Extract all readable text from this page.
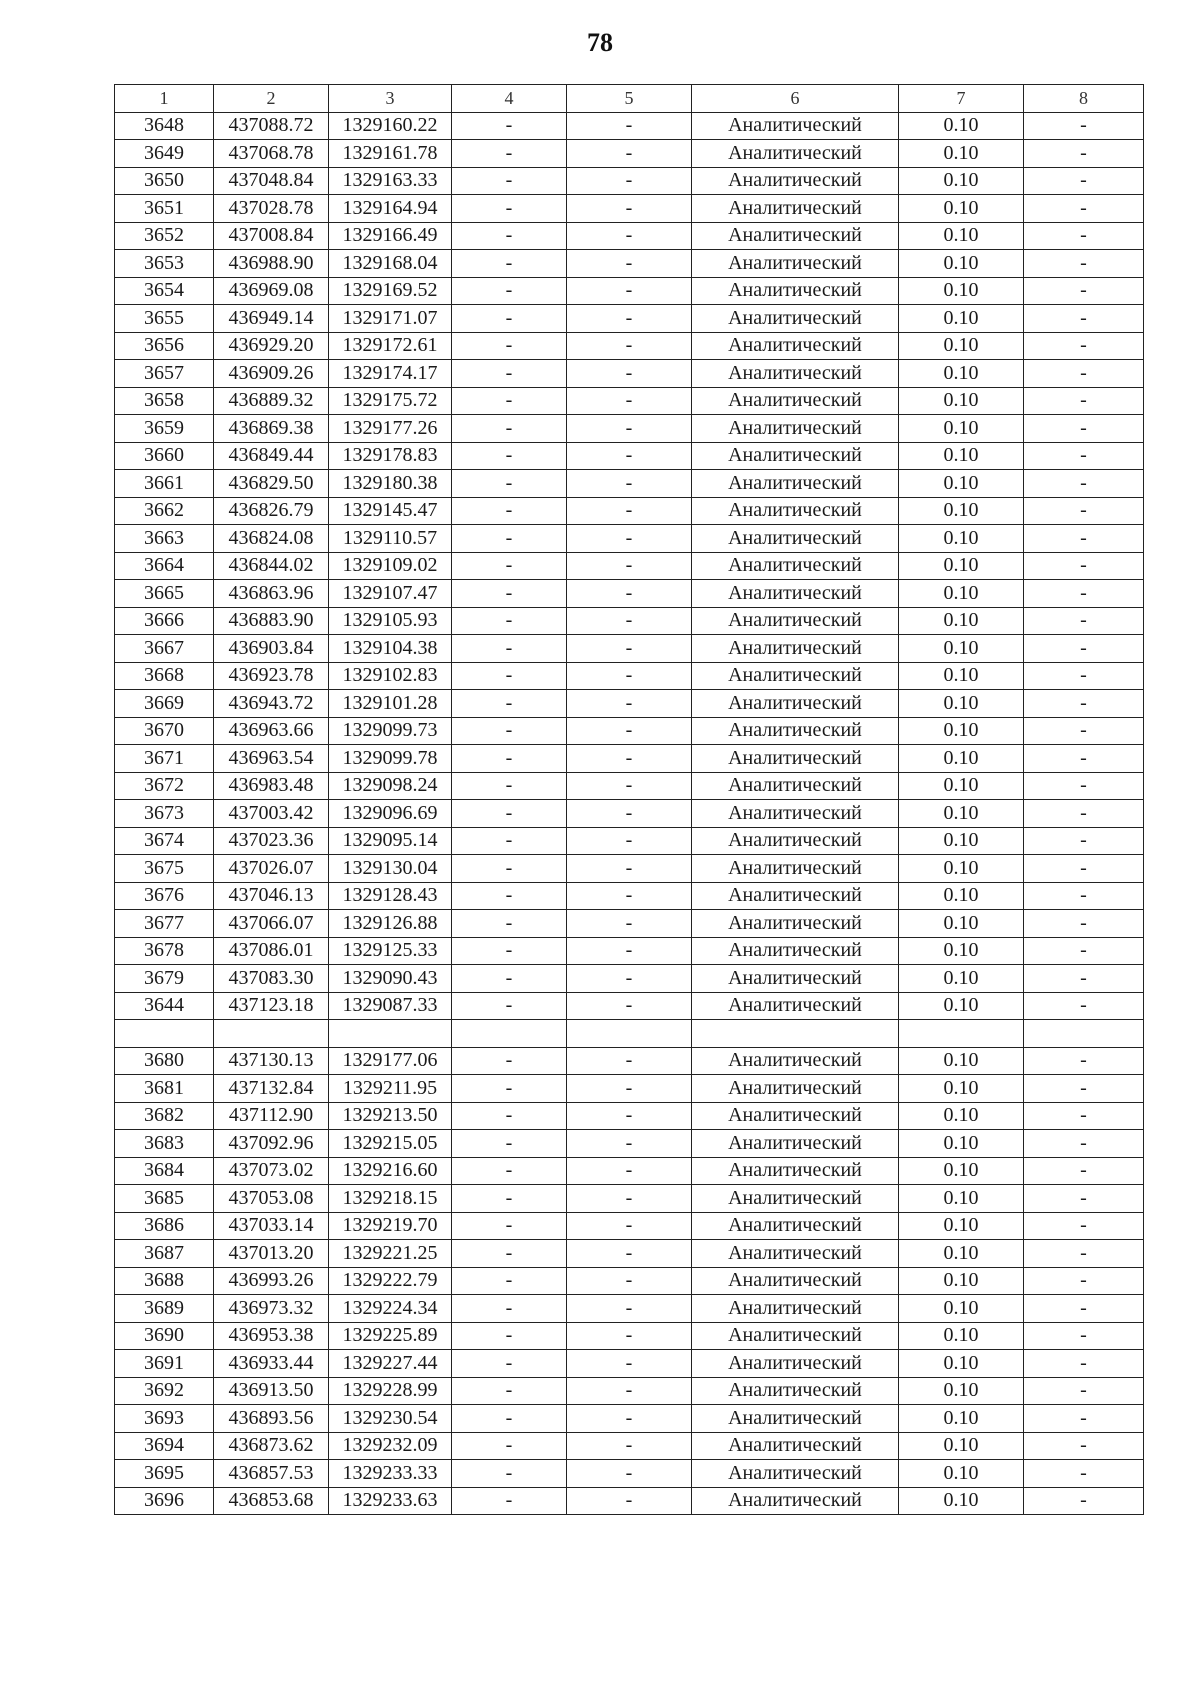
78
1	2	3	4	5	6	7	8
3648	437088.72	1329160.22	-	-	Аналитический	0.10	-
3649	437068.78	1329161.78	-	-	Аналитический	0.10	-
3650	437048.84	1329163.33	-	-	Аналитический	0.10	-
3651	437028.78	1329164.94	-	-	Аналитический	0.10	-
3652	437008.84	1329166.49	-	-	Аналитический	0.10	-
3653	436988.90	1329168.04	-	-	Аналитический	0.10	-
3654	436969.08	1329169.52	-	-	Аналитический	0.10	-
3655	436949.14	1329171.07	-	-	Аналитический	0.10	-
3656	436929.20	1329172.61	-	-	Аналитический	0.10	-
3657	436909.26	1329174.17	-	-	Аналитический	0.10	-
3658	436889.32	1329175.72	-	-	Аналитический	0.10	-
3659	436869.38	1329177.26	-	-	Аналитический	0.10	-
3660	436849.44	1329178.83	-	-	Аналитический	0.10	-
3661	436829.50	1329180.38	-	-	Аналитический	0.10	-
3662	436826.79	1329145.47	-	-	Аналитический	0.10	-
3663	436824.08	1329110.57	-	-	Аналитический	0.10	-
3664	436844.02	1329109.02	-	-	Аналитический	0.10	-
3665	436863.96	1329107.47	-	-	Аналитический	0.10	-
3666	436883.90	1329105.93	-	-	Аналитический	0.10	-
3667	436903.84	1329104.38	-	-	Аналитический	0.10	-
3668	436923.78	1329102.83	-	-	Аналитический	0.10	-
3669	436943.72	1329101.28	-	-	Аналитический	0.10	-
3670	436963.66	1329099.73	-	-	Аналитический	0.10	-
3671	436963.54	1329099.78	-	-	Аналитический	0.10	-
3672	436983.48	1329098.24	-	-	Аналитический	0.10	-
3673	437003.42	1329096.69	-	-	Аналитический	0.10	-
3674	437023.36	1329095.14	-	-	Аналитический	0.10	-
3675	437026.07	1329130.04	-	-	Аналитический	0.10	-
3676	437046.13	1329128.43	-	-	Аналитический	0.10	-
3677	437066.07	1329126.88	-	-	Аналитический	0.10	-
3678	437086.01	1329125.33	-	-	Аналитический	0.10	-
3679	437083.30	1329090.43	-	-	Аналитический	0.10	-
3644	437123.18	1329087.33	-	-	Аналитический	0.10	-

3680	437130.13	1329177.06	-	-	Аналитический	0.10	-
3681	437132.84	1329211.95	-	-	Аналитический	0.10	-
3682	437112.90	1329213.50	-	-	Аналитический	0.10	-
3683	437092.96	1329215.05	-	-	Аналитический	0.10	-
3684	437073.02	1329216.60	-	-	Аналитический	0.10	-
3685	437053.08	1329218.15	-	-	Аналитический	0.10	-
3686	437033.14	1329219.70	-	-	Аналитический	0.10	-
3687	437013.20	1329221.25	-	-	Аналитический	0.10	-
3688	436993.26	1329222.79	-	-	Аналитический	0.10	-
3689	436973.32	1329224.34	-	-	Аналитический	0.10	-
3690	436953.38	1329225.89	-	-	Аналитический	0.10	-
3691	436933.44	1329227.44	-	-	Аналитический	0.10	-
3692	436913.50	1329228.99	-	-	Аналитический	0.10	-
3693	436893.56	1329230.54	-	-	Аналитический	0.10	-
3694	436873.62	1329232.09	-	-	Аналитический	0.10	-
3695	436857.53	1329233.33	-	-	Аналитический	0.10	-
3696	436853.68	1329233.63	-	-	Аналитический	0.10	-
